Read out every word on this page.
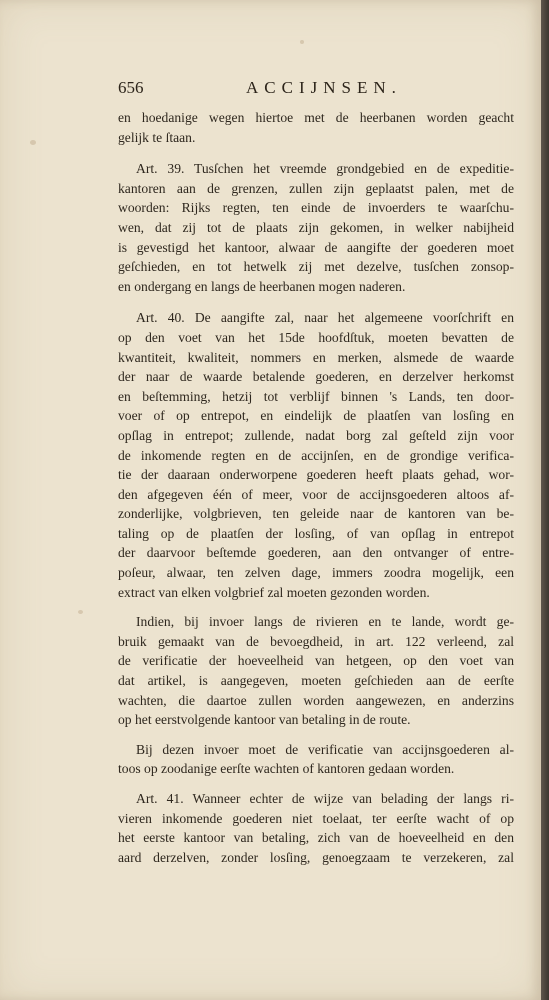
656	ACCIJNSEN.

en hoedanige wegen hiertoe met de heerbanen worden geacht
gelijk te ſtaan.

Art. 39. Tusſchen het vreemde grondgebied en de expeditie-
kantoren aan de grenzen, zullen zijn geplaatst palen, met de
woorden: Rijks regten, ten einde de invoerders te waarſchu-
wen, dat zij tot de plaats zijn gekomen, in welker nabijheid
is gevestigd het kantoor, alwaar de aangifte der goederen moet
geſchieden, en tot hetwelk zij met dezelve, tusſchen zonsop-
en ondergang en langs de heerbanen mogen naderen.

Art. 40. De aangifte zal, naar het algemeene voorſchrift en
op den voet van het 15de hoofdſtuk, moeten bevatten de
kwantiteit, kwaliteit, nommers en merken, alsmede de waarde
der naar de waarde betalende goederen, en derzelver herkomst
en beſtemming, hetzij tot verblijf binnen 's Lands, ten door-
voer of op entrepot, en eindelijk de plaatſen van losſing en
opſlag in entrepot; zullende, nadat borg zal geſteld zijn voor
de inkomende regten en de accijnſen, en de grondige verifica-
tie der daaraan onderworpene goederen heeft plaats gehad, wor-
den afgegeven één of meer, voor de accijnsgoederen altoos af-
zonderlijke, volgbrieven, ten geleide naar de kantoren van be-
taling op de plaatſen der losſing, of van opſlag in entrepot
der daarvoor beſtemde goederen, aan den ontvanger of entre-
poſeur, alwaar, ten zelven dage, immers zoodra mogelijk, een
extract van elken volgbrief zal moeten gezonden worden.

Indien, bij invoer langs de rivieren en te lande, wordt ge-
bruik gemaakt van de bevoegdheid, in art. 122 verleend, zal
de verificatie der hoeveelheid van hetgeen, op den voet van
dat artikel, is aangegeven, moeten geſchieden aan de eerſte
wachten, die daartoe zullen worden aangewezen, en anderzins
op het eerstvolgende kantoor van betaling in de route.

Bij dezen invoer moet de verificatie van accijnsgoederen al-
toos op zoodanige eerſte wachten of kantoren gedaan worden.

Art. 41. Wanneer echter de wijze van belading der langs ri-
vieren inkomende goederen niet toelaat, ter eerſte wacht of op
het eerste kantoor van betaling, zich van de hoeveelheid en den
aard derzelven, zonder losſing, genoegzaam te verzekeren, zal
